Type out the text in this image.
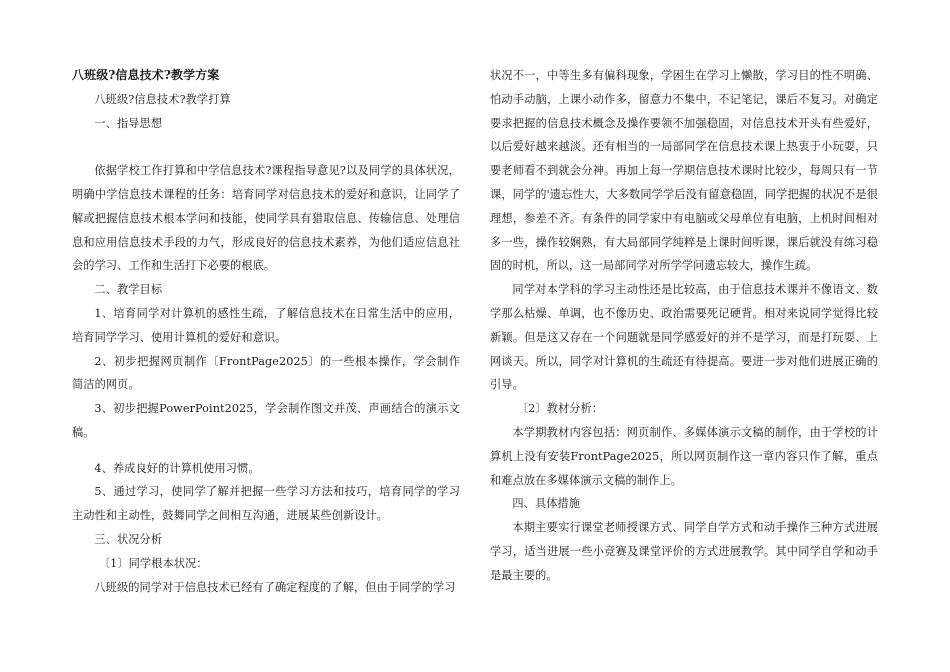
八班级?信息技术?教学方案

八班级?信息技术?教学打算

一、指导思想

依据学校工作打算和中学信息技术?课程指导意见?以及同学的具体状况，明确中学信息技术课程的任务：培育同学对信息技术的爱好和意识，让同学了解或把握信息技术根本学问和技能，使同学具有猎取信息、传输信息、处理信息和应用信息技术手段的力气，形成良好的信息技术素养，为他们适应信息社会的学习、工作和生活打下必要的根底。

二、教学目标

1、培育同学对计算机的感性生疏，了解信息技术在日常生活中的应用，培育同学学习、使用计算机的爱好和意识。

2、初步把握网页制作〔FrontPage2025〕的一些根本操作，学会制作简洁的网页。

3、初步把握PowerPoint2025，学会制作图文并茂、声画结合的演示文稿。

4、养成良好的计算机使用习惯。

5、通过学习，使同学了解并把握一些学习方法和技巧，培育同学的学习主动性和主动性，鼓舞同学之间相互沟通，进展某些创新设计。

三、状况分析

〔1〕同学根本状况：

八班级的同学对于信息技术已经有了确定程度的了解，但由于同学的学习

状况不一，中等生多有偏科现象，学困生在学习上懒散，学习目的性不明确、怕动手动脑，上课小动作多，留意力不集中，不记笔记，课后不复习。对确定要求把握的信息技术概念及操作要领不加强稳固，对信息技术开头有些爱好，以后爱好越来越淡。还有相当的一局部同学在信息技术课上热衷于小玩耍，只要老师看不到就会分神。再加上每一学期信息技术课时比较少，每周只有一节课，同学的'遗忘性大，大多数同学学后没有留意稳固，同学把握的状况不是很理想，参差不齐。有条件的同学家中有电脑或父母单位有电脑，上机时间相对多一些，操作较娴熟，有大局部同学纯粹是上课时间听课，课后就没有练习稳固的时机，所以，这一局部同学对所学学问遗忘较大，操作生疏。

同学对本学科的学习主动性还是比较高，由于信息技术课并不像语文、数学那么枯燥、单调，也不像历史、政治需要死记硬背。相对来说同学觉得比较新颖。但是这又存在一个问题就是同学感爱好的并不是学习，而是打玩耍、上网谈天。所以，同学对计算机的生疏还有待提高。要进一步对他们进展正确的引导。

〔2〕教材分析：

本学期教材内容包括：网页制作、多媒体演示文稿的制作，由于学校的计算机上没有安装FrontPage2025，所以网页制作这一章内容只作了解，重点和难点放在多媒体演示文稿的制作上。

四、具体措施

本期主要实行课堂老师授课方式、同学自学方式和动手操作三种方式进展学习，适当进展一些小竞赛及课堂评价的方式进展教学。其中同学自学和动手是最主要的。
